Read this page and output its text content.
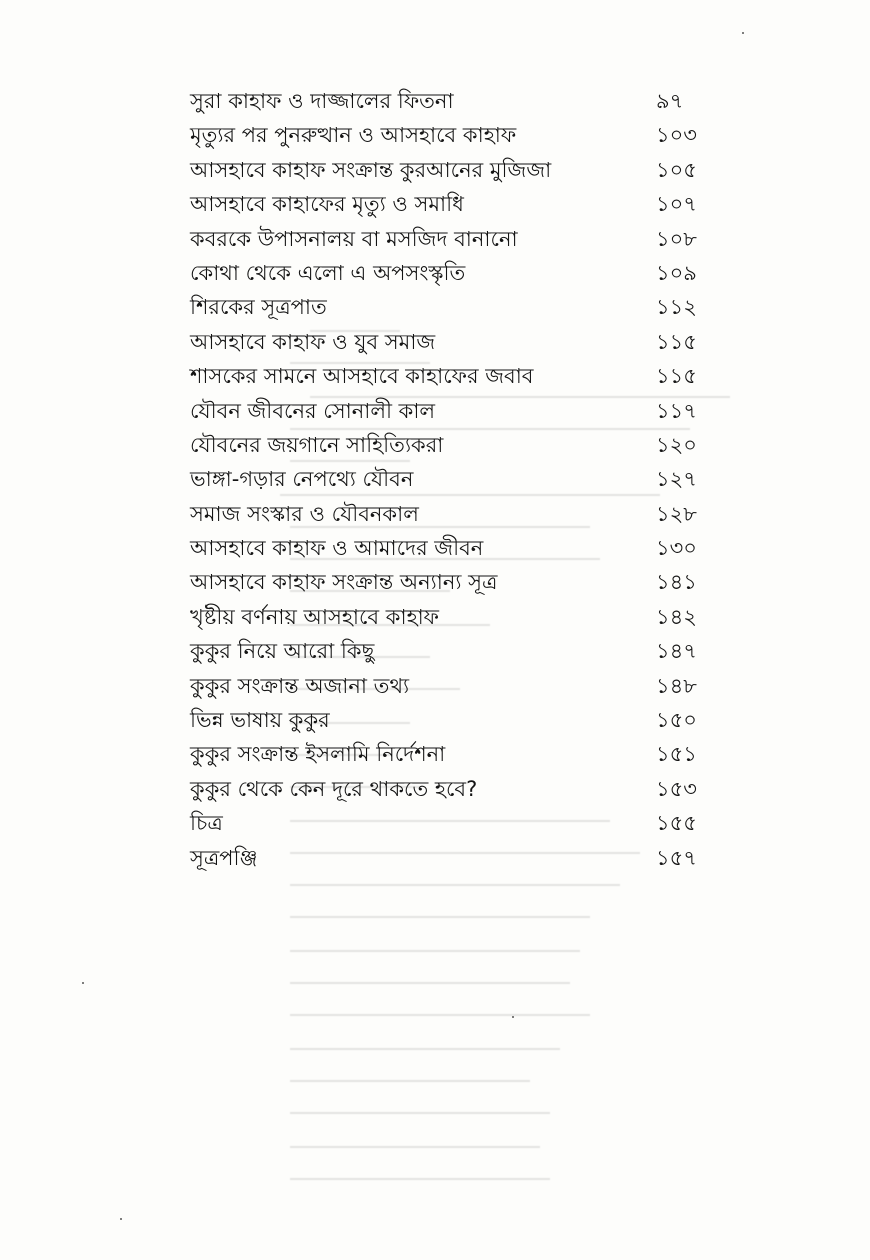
সুরা কাহাফ ও দাজ্জালের ফিতনা	৯৭
মৃত্যুর পর পুনরুত্থান ও আসহাবে কাহাফ	১০৩
আসহাবে কাহাফ সংক্রান্ত কুরআনের মুজিজা	১০৫
আসহাবে কাহাফের মৃত্যু ও সমাধি	১০৭
কবরকে উপাসনালয় বা মসজিদ বানানো	১০৮
কোথা থেকে এলো এ অপসংস্কৃতি	১০৯
শিরকের সূত্রপাত	১১২
আসহাবে কাহাফ ও যুব সমাজ	১১৫
শাসকের সামনে আসহাবে কাহাফের জবাব	১১৫
যৌবন জীবনের সোনালী কাল	১১৭
যৌবনের জয়গানে সাহিত্যিকরা	১২০
ভাঙ্গা-গড়ার নেপথ্যে যৌবন	১২৭
সমাজ সংস্কার ও যৌবনকাল	১২৮
আসহাবে কাহাফ ও আমাদের জীবন	১৩০
আসহাবে কাহাফ সংক্রান্ত অন্যান্য সূত্র	১৪১
খৃষ্টীয় বর্ণনায় আসহাবে কাহাফ	১৪২
কুকুর নিয়ে আরো কিছু	১৪৭
কুকুর সংক্রান্ত অজানা তথ্য	১৪৮
ভিন্ন ভাষায় কুকুর	১৫০
কুকুর সংক্রান্ত ইসলামি নির্দেশনা	১৫১
কুকুর থেকে কেন দূরে থাকতে হবে?	১৫৩
চিত্র	১৫৫
সূত্রপঞ্জি	১৫৭
